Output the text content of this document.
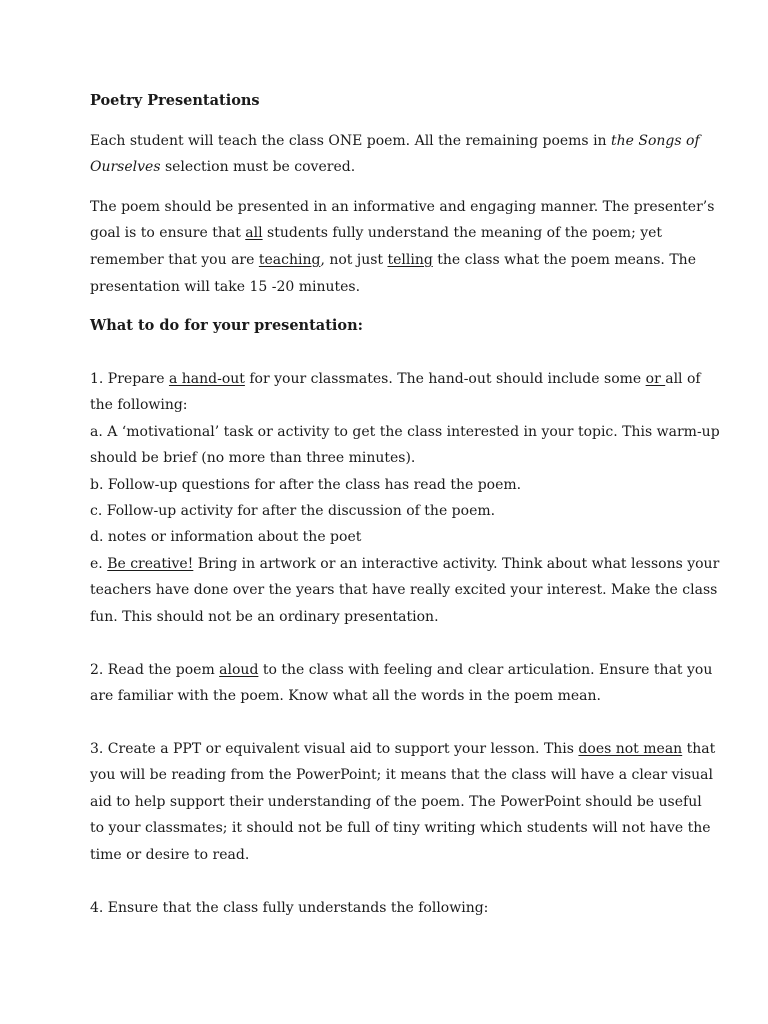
Poetry Presentations
Each student will teach the class ONE poem. All the remaining poems in the Songs of
Ourselves selection must be covered.
The poem should be presented in an informative and engaging manner. The presenter’s
goal is to ensure that all students fully understand the meaning of the poem; yet
remember that you are teaching, not just telling the class what the poem means. The
presentation will take 15 -20 minutes.
What to do for your presentation:
1. Prepare a hand-out for your classmates. The hand-out should include some or all of
the following:
a. A ‘motivational’ task or activity to get the class interested in your topic. This warm-up
should be brief (no more than three minutes).
b. Follow-up questions for after the class has read the poem.
c. Follow-up activity for after the discussion of the poem.
d. notes or information about the poet
e. Be creative! Bring in artwork or an interactive activity. Think about what lessons your
teachers have done over the years that have really excited your interest. Make the class
fun. This should not be an ordinary presentation.
2. Read the poem aloud to the class with feeling and clear articulation. Ensure that you
are familiar with the poem. Know what all the words in the poem mean.
3. Create a PPT or equivalent visual aid to support your lesson. This does not mean that
you will be reading from the PowerPoint; it means that the class will have a clear visual
aid to help support their understanding of the poem. The PowerPoint should be useful
to your classmates; it should not be full of tiny writing which students will not have the
time or desire to read.
4. Ensure that the class fully understands the following:
